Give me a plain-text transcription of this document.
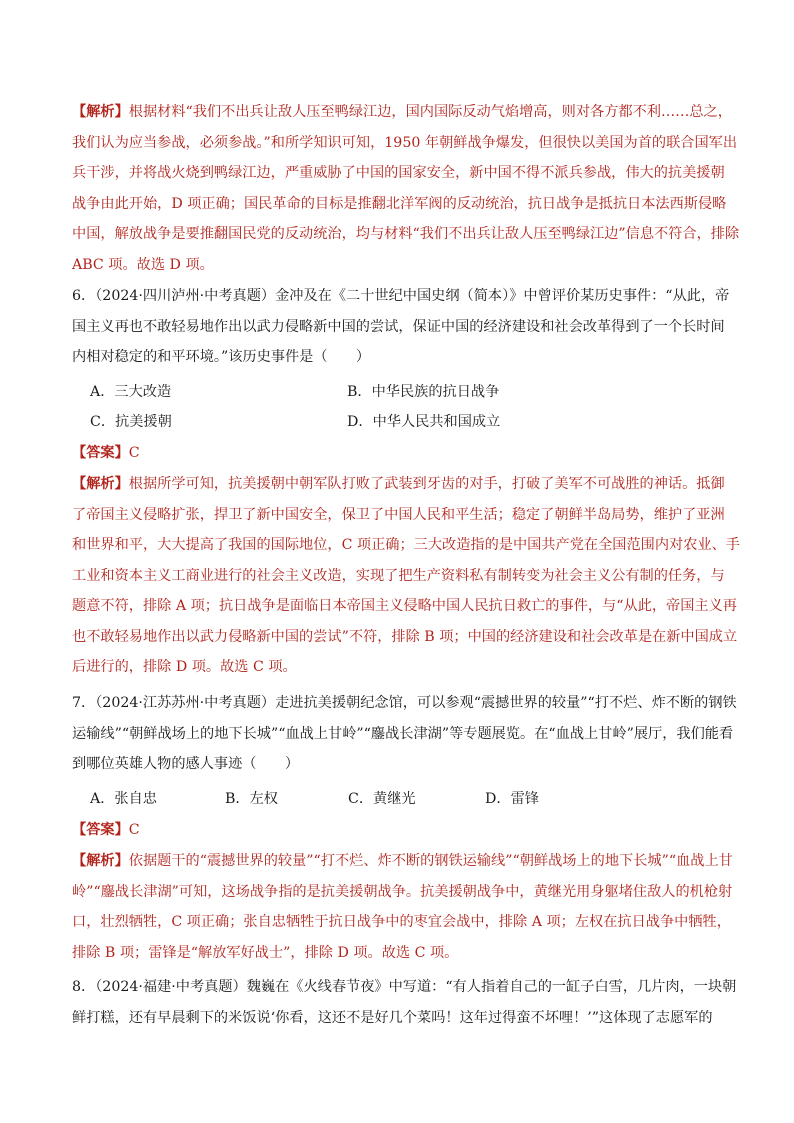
【解析】根据材料“我们不出兵让敌人压至鸭绿江边，国内国际反动气焰增高，则对各方都不利……总之，
我们认为应当参战，必须参战。”和所学知识可知，1950 年朝鲜战争爆发，但很快以美国为首的联合国军出
兵干涉，并将战火烧到鸭绿江边，严重威胁了中国的国家安全，新中国不得不派兵参战，伟大的抗美援朝
战争由此开始，D 项正确；国民革命的目标是推翻北洋军阀的反动统治，抗日战争是抵抗日本法西斯侵略
中国，解放战争是要推翻国民党的反动统治，均与材料“我们不出兵让敌人压至鸭绿江边”信息不符合，排除
ABC 项。故选 D 项。
6．（2024·四川泸州·中考真题）金冲及在《二十世纪中国史纲（简本）》中曾评价某历史事件：“从此，帝
国主义再也不敢轻易地作出以武力侵略新中国的尝试，保证中国的经济建设和社会改革得到了一个长时间
内相对稳定的和平环境。”该历史事件是（　　）
A．三大改造	B．中华民族的抗日战争
C．抗美援朝	D．中华人民共和国成立
【答案】C
【解析】根据所学可知，抗美援朝中朝军队打败了武装到牙齿的对手，打破了美军不可战胜的神话。抵御
了帝国主义侵略扩张，捍卫了新中国安全，保卫了中国人民和平生活；稳定了朝鲜半岛局势，维护了亚洲
和世界和平，大大提高了我国的国际地位，C 项正确；三大改造指的是中国共产党在全国范围内对农业、手
工业和资本主义工商业进行的社会主义改造，实现了把生产资料私有制转变为社会主义公有制的任务，与
题意不符，排除 A 项；抗日战争是面临日本帝国主义侵略中国人民抗日救亡的事件，与“从此，帝国主义再
也不敢轻易地作出以武力侵略新中国的尝试”不符，排除 B 项；中国的经济建设和社会改革是在新中国成立
后进行的，排除 D 项。故选 C 项。
7．（2024·江苏苏州·中考真题）走进抗美援朝纪念馆，可以参观“震撼世界的较量”“打不烂、炸不断的钢铁
运输线”“朝鲜战场上的地下长城”“血战上甘岭”“鏖战长津湖”等专题展览。在“血战上甘岭”展厅，我们能看
到哪位英雄人物的感人事迹（　　）
A．张自忠	B．左权	C．黄继光	D．雷锋
【答案】C
【解析】依据题干的“震撼世界的较量”“打不烂、炸不断的钢铁运输线”“朝鲜战场上的地下长城”“血战上甘
岭”“鏖战长津湖”可知，这场战争指的是抗美援朝战争。抗美援朝战争中，黄继光用身躯堵住敌人的机枪射
口，壮烈牺牲，C 项正确；张自忠牺牲于抗日战争中的枣宜会战中，排除 A 项；左权在抗日战争中牺牲，
排除 B 项；雷锋是“解放军好战士”，排除 D 项。故选 C 项。
8．（2024·福建·中考真题）魏巍在《火线春节夜》中写道：“有人指着自己的一缸子白雪，几片肉，一块朝
鲜打糕，还有早晨剩下的米饭说‘你看，这还不是好几个菜吗！这年过得蛮不坏哩！’”这体现了志愿军的
